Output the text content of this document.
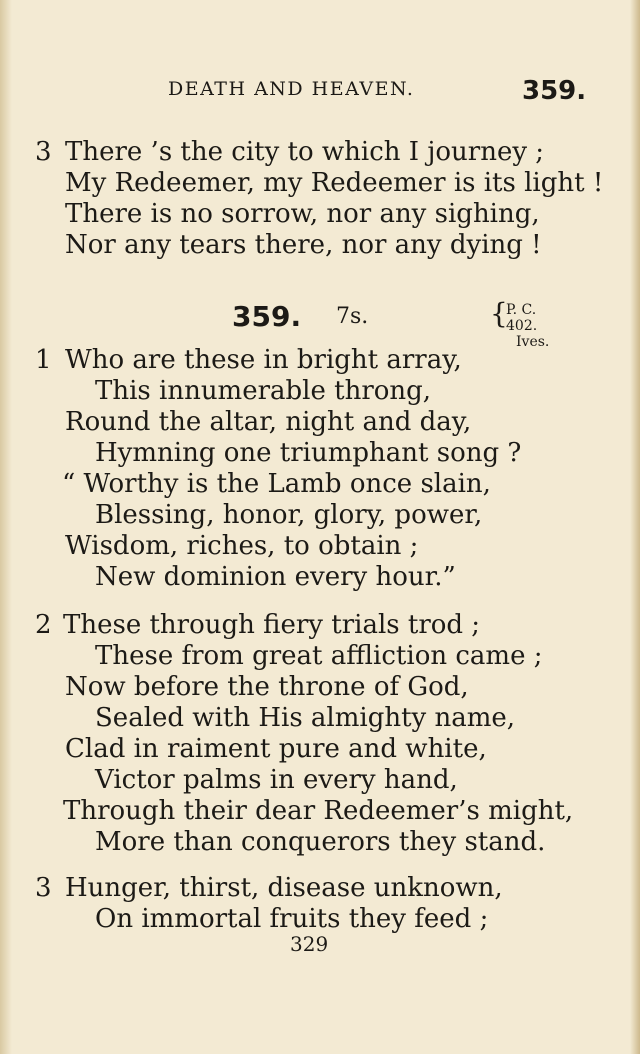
DEATH AND HEAVEN.	359.
3 There ’s the city to which I journey ;
My Redeemer, my Redeemer is its light !
There is no sorrow, nor any sighing,
Nor any tears there, nor any dying !
359. 7s.	{
P. C. 402.
Ives.
1 Who are these in bright array,
This innumerable throng,
Round the altar, night and day,
Hymning one triumphant song ?
“ Worthy is the Lamb once slain,
Blessing, honor, glory, power,
Wisdom, riches, to obtain ;
New dominion every hour.”
2 These through fiery trials trod ;
These from great affliction came ;
Now before the throne of God,
Sealed with His almighty name,
Clad in raiment pure and white,
Victor palms in every hand,
Through their dear Redeemer’s might,
More than conquerors they stand.
3 Hunger, thirst, disease unknown,
On immortal fruits they feed ;
329
